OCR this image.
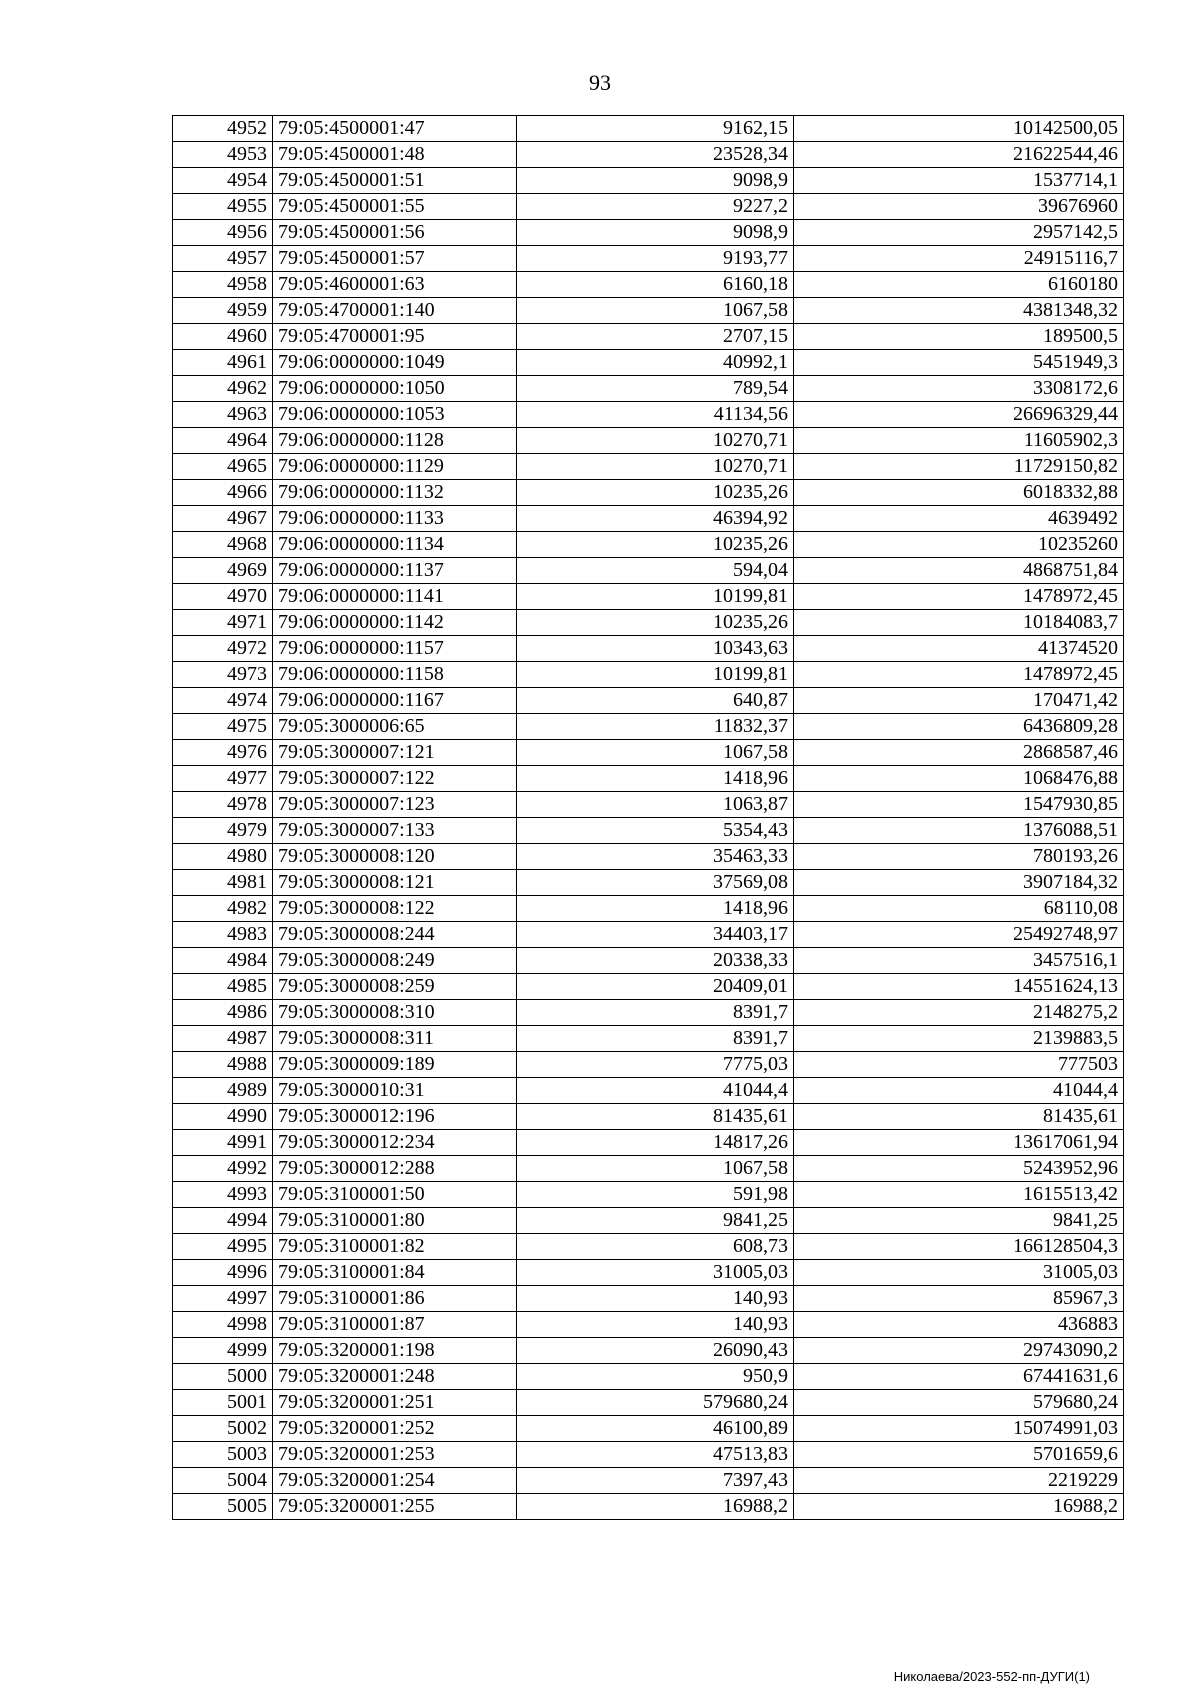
93
4952	79:05:4500001:47	9162,15	10142500,05
4953	79:05:4500001:48	23528,34	21622544,46
4954	79:05:4500001:51	9098,9	1537714,1
4955	79:05:4500001:55	9227,2	39676960
4956	79:05:4500001:56	9098,9	2957142,5
4957	79:05:4500001:57	9193,77	24915116,7
4958	79:05:4600001:63	6160,18	6160180
4959	79:05:4700001:140	1067,58	4381348,32
4960	79:05:4700001:95	2707,15	189500,5
4961	79:06:0000000:1049	40992,1	5451949,3
4962	79:06:0000000:1050	789,54	3308172,6
4963	79:06:0000000:1053	41134,56	26696329,44
4964	79:06:0000000:1128	10270,71	11605902,3
4965	79:06:0000000:1129	10270,71	11729150,82
4966	79:06:0000000:1132	10235,26	6018332,88
4967	79:06:0000000:1133	46394,92	4639492
4968	79:06:0000000:1134	10235,26	10235260
4969	79:06:0000000:1137	594,04	4868751,84
4970	79:06:0000000:1141	10199,81	1478972,45
4971	79:06:0000000:1142	10235,26	10184083,7
4972	79:06:0000000:1157	10343,63	41374520
4973	79:06:0000000:1158	10199,81	1478972,45
4974	79:06:0000000:1167	640,87	170471,42
4975	79:05:3000006:65	11832,37	6436809,28
4976	79:05:3000007:121	1067,58	2868587,46
4977	79:05:3000007:122	1418,96	1068476,88
4978	79:05:3000007:123	1063,87	1547930,85
4979	79:05:3000007:133	5354,43	1376088,51
4980	79:05:3000008:120	35463,33	780193,26
4981	79:05:3000008:121	37569,08	3907184,32
4982	79:05:3000008:122	1418,96	68110,08
4983	79:05:3000008:244	34403,17	25492748,97
4984	79:05:3000008:249	20338,33	3457516,1
4985	79:05:3000008:259	20409,01	14551624,13
4986	79:05:3000008:310	8391,7	2148275,2
4987	79:05:3000008:311	8391,7	2139883,5
4988	79:05:3000009:189	7775,03	777503
4989	79:05:3000010:31	41044,4	41044,4
4990	79:05:3000012:196	81435,61	81435,61
4991	79:05:3000012:234	14817,26	13617061,94
4992	79:05:3000012:288	1067,58	5243952,96
4993	79:05:3100001:50	591,98	1615513,42
4994	79:05:3100001:80	9841,25	9841,25
4995	79:05:3100001:82	608,73	166128504,3
4996	79:05:3100001:84	31005,03	31005,03
4997	79:05:3100001:86	140,93	85967,3
4998	79:05:3100001:87	140,93	436883
4999	79:05:3200001:198	26090,43	29743090,2
5000	79:05:3200001:248	950,9	67441631,6
5001	79:05:3200001:251	579680,24	579680,24
5002	79:05:3200001:252	46100,89	15074991,03
5003	79:05:3200001:253	47513,83	5701659,6
5004	79:05:3200001:254	7397,43	2219229
5005	79:05:3200001:255	16988,2	16988,2
Николаева/2023-552-пп-ДУГИ(1)
